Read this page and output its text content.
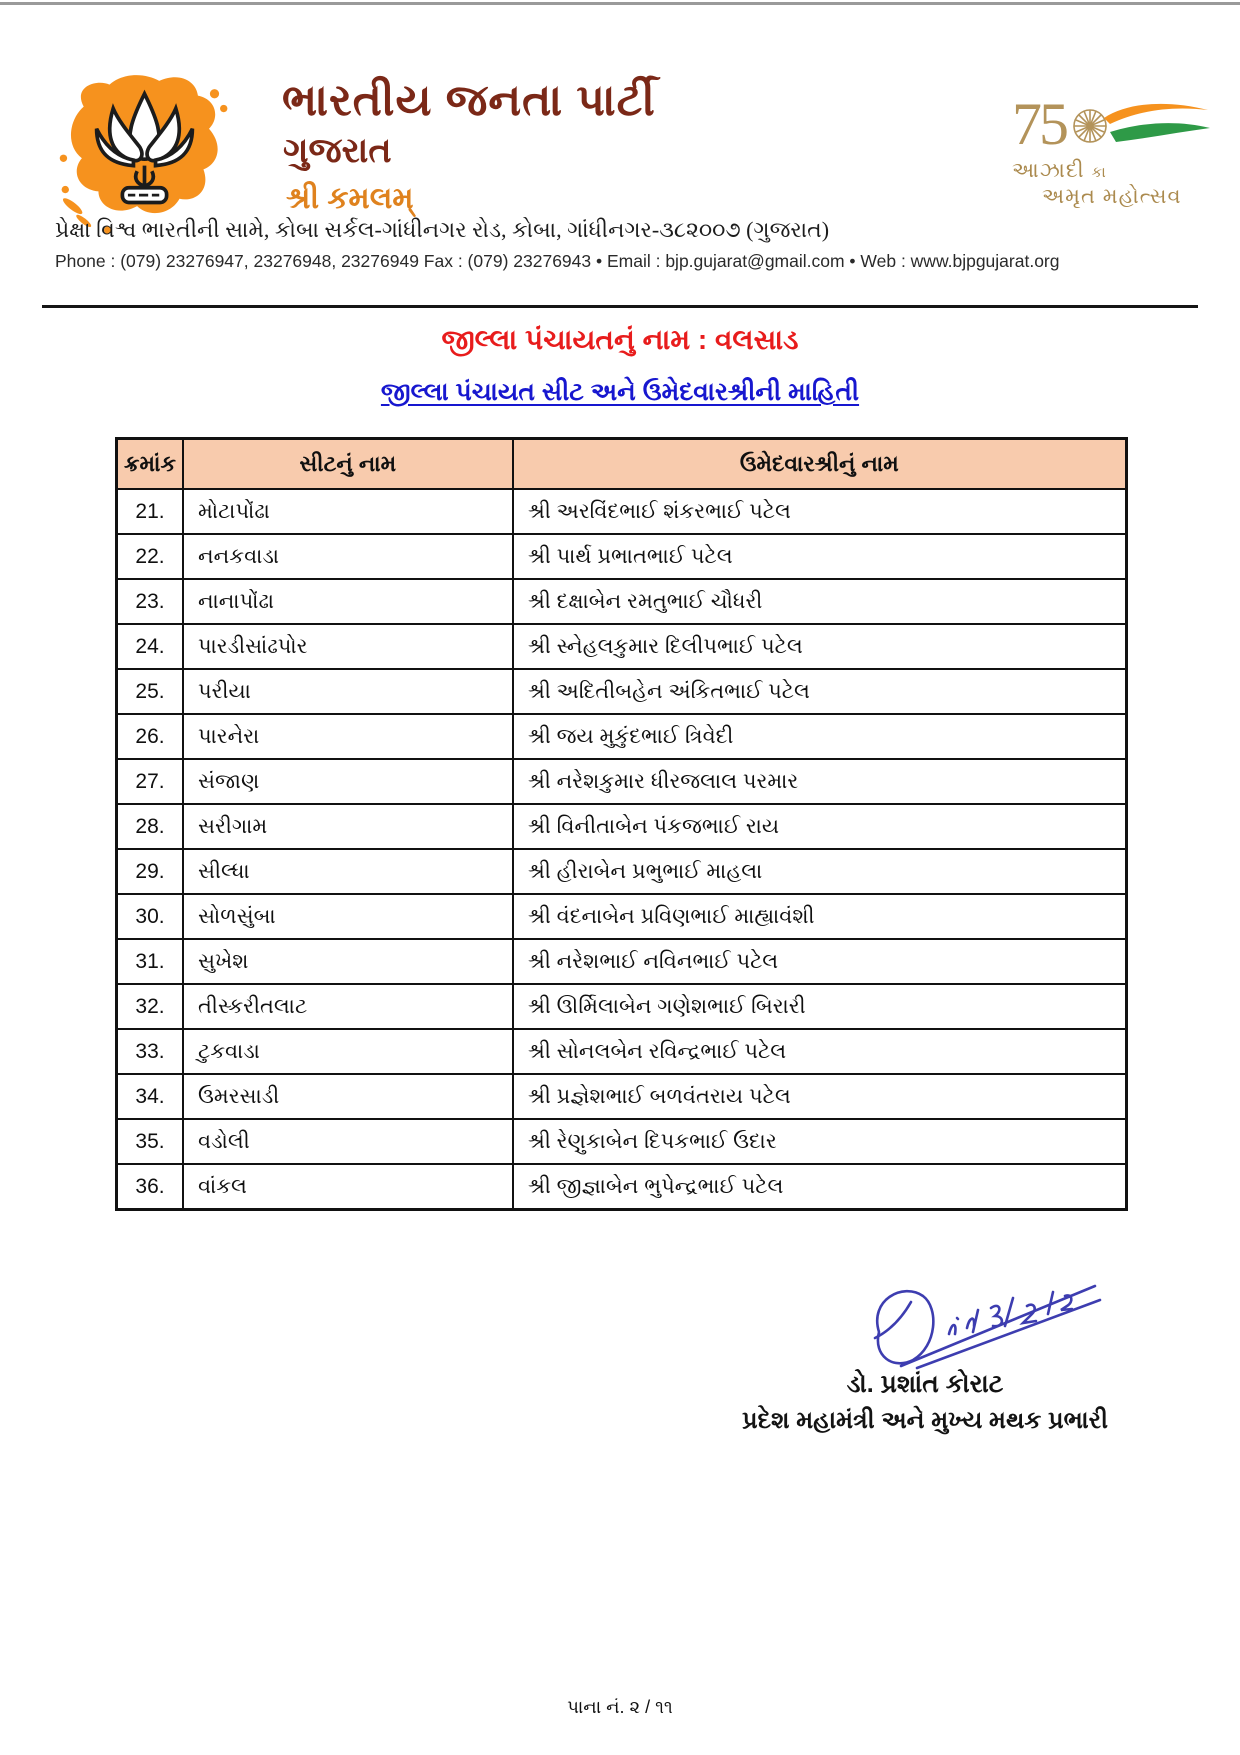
ભારતીય જનતા પાર્ટી
ગુજરાત
શ્રી કમલમ્
75
આઝાદી કા
અમૃત મહોત્સવ
પ્રેક્ષા વિશ્વ ભારતીની સામે, કોબા સર્કલ-ગાંધીનગર રોડ, કોબા, ગાંધીનગર-૩૮૨૦૦૭ (ગુજરાત)
Phone : (079) 23276947, 23276948, 23276949 Fax : (079) 23276943 • Email : bjp.gujarat@gmail.com • Web : www.bjpgujarat.org
જીલ્લા પંચાયતનું નામ : વલસાડ
જીલ્લા પંચાયત સીટ અને ઉમેદવારશ્રીની માહિતી
ક્રમાંક	સીટનું નામ	ઉમેદવારશ્રીનું નામ
21.	મોટાપોંઢા	શ્રી અરવિંદભાઈ શંકરભાઈ પટેલ
22.	નનકવાડા	શ્રી પાર્થ પ્રભાતભાઈ પટેલ
23.	નાનાપોંઢા	શ્રી દક્ષાબેન રમતુભાઈ ચૌધરી
24.	પારડીસાંઢપોર	શ્રી સ્નેહલકુમાર દિલીપભાઈ પટેલ
25.	પરીયા	શ્રી અદિતીબહેન અંકિતભાઈ પટેલ
26.	પારનેરા	શ્રી જય મુકુંદભાઈ ત્રિવેદી
27.	સંજાણ	શ્રી નરેશકુમાર ધીરજલાલ પરમાર
28.	સરીગામ	શ્રી વિનીતાબેન પંકજભાઈ રાય
29.	સીલ્ધા	શ્રી હીરાબેન પ્રભુભાઈ માહલા
30.	સોળસુંબા	શ્રી વંદનાબેન પ્રવિણભાઈ માહ્યાવંશી
31.	સુખેશ	શ્રી નરેશભાઈ નવિનભાઈ પટેલ
32.	તીસ્કરીતલાટ	શ્રી ઊર્મિલાબેન ગણેશભાઈ બિરારી
33.	ટુકવાડા	શ્રી સોનલબેન રવિન્દ્રભાઈ પટેલ
34.	ઉમરસાડી	શ્રી પ્રજ્ઞેશભાઈ બળવંતરાય પટેલ
35.	વડોલી	શ્રી રેણુકાબેન દિપકભાઈ ઉદાર
36.	વાંકલ	શ્રી જીજ્ઞાબેન ભુપેન્દ્રભાઈ પટેલ
ડો. પ્રશાંત કોરાટ
પ્રદેશ મહામંત્રી અને મુખ્ય મથક પ્રભારી
પાના નં. ૨ / ૧૧
